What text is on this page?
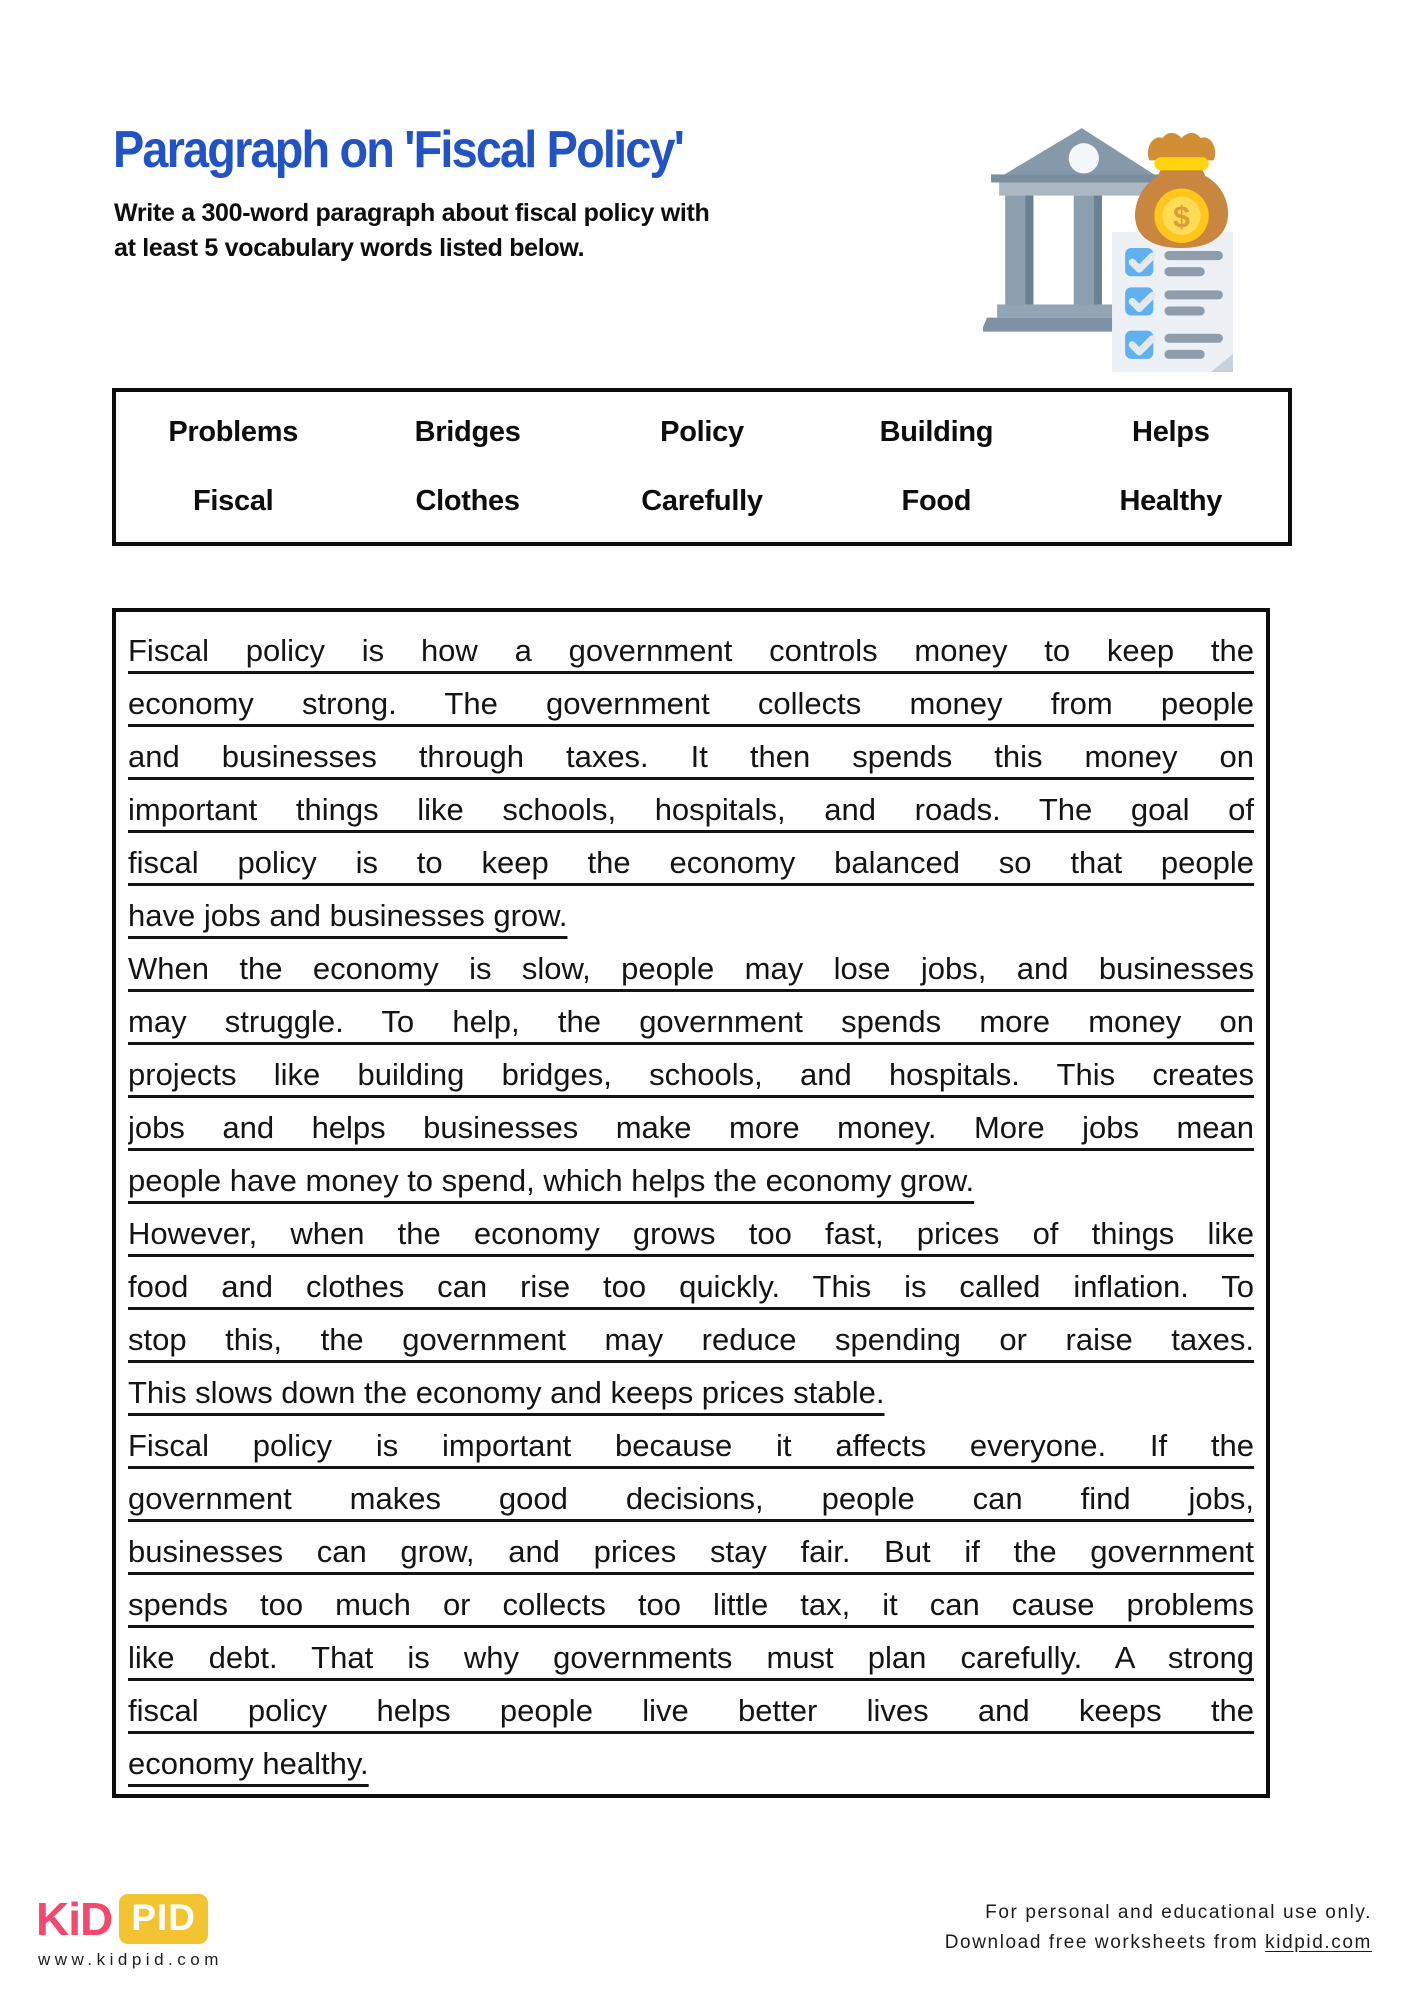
Paragraph on 'Fiscal Policy'

Write a 300-word paragraph about fiscal policy with
at least 5 vocabulary words listed below.

$
Problems	Bridges	Policy	Building	Helps
Fiscal	Clothes	Carefully	Food	Healthy
Fiscal policy is how a government controls money to keep the
economy strong. The government collects money from people
and businesses through taxes. It then spends this money on
important things like schools, hospitals, and roads. The goal of
fiscal policy is to keep the economy balanced so that people
have jobs and businesses grow.
When the economy is slow, people may lose jobs, and businesses
may struggle. To help, the government spends more money on
projects like building bridges, schools, and hospitals. This creates
jobs and helps businesses make more money. More jobs mean
people have money to spend, which helps the economy grow.
However, when the economy grows too fast, prices of things like
food and clothes can rise too quickly. This is called inflation. To
stop this, the government may reduce spending or raise taxes.
This slows down the economy and keeps prices stable.
Fiscal policy is important because it affects everyone. If the
government makes good decisions, people can find jobs,
businesses can grow, and prices stay fair. But if the government
spends too much or collects too little tax, it can cause problems
like debt. That is why governments must plan carefully. A strong
fiscal policy helps people live better lives and keeps the
economy healthy.
KiD PID
www.kidpid.com
For personal and educational use only.
Download free worksheets from kidpid.com
